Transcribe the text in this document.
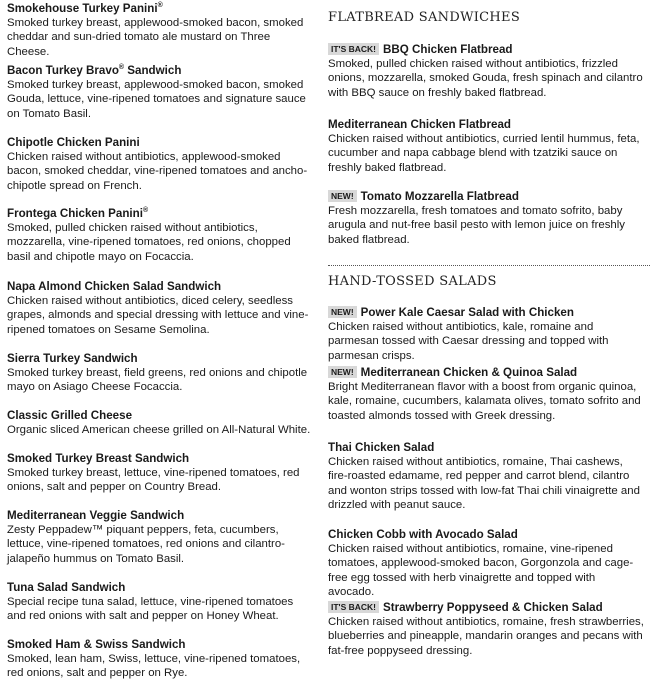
Smokehouse Turkey Panini®
Smoked turkey breast, applewood-smoked bacon, smoked cheddar and sun-dried tomato ale mustard on Three Cheese.
Bacon Turkey Bravo® Sandwich
Smoked turkey breast, applewood-smoked bacon, smoked Gouda, lettuce, vine-ripened tomatoes and signature sauce on Tomato Basil.
Chipotle Chicken Panini
Chicken raised without antibiotics, applewood-smoked bacon, smoked cheddar, vine-ripened tomatoes and ancho-chipotle spread on French.
Frontega Chicken Panini®
Smoked, pulled chicken raised without antibiotics, mozzarella, vine-ripened tomatoes, red onions, chopped basil and chipotle mayo on Focaccia.
Napa Almond Chicken Salad Sandwich
Chicken raised without antibiotics, diced celery, seedless grapes, almonds and special dressing with lettuce and vine-ripened tomatoes on Sesame Semolina.
Sierra Turkey Sandwich
Smoked turkey breast, field greens, red onions and chipotle mayo on Asiago Cheese Focaccia.
Classic Grilled Cheese
Organic sliced American cheese grilled on All-Natural White.
Smoked Turkey Breast Sandwich
Smoked turkey breast, lettuce, vine-ripened tomatoes, red onions, salt and pepper on Country Bread.
Mediterranean Veggie Sandwich
Zesty Peppadew™ piquant peppers, feta, cucumbers, lettuce, vine-ripened tomatoes, red onions and cilantro-jalapeño hummus on Tomato Basil.
Tuna Salad Sandwich
Special recipe tuna salad, lettuce, vine-ripened tomatoes and red onions with salt and pepper on Honey Wheat.
Smoked Ham & Swiss Sandwich
Smoked, lean ham, Swiss, lettuce, vine-ripened tomatoes, red onions, salt and pepper on Rye.
FLATBREAD SANDWICHES
IT'S BACK! BBQ Chicken Flatbread
Smoked, pulled chicken raised without antibiotics, frizzled onions, mozzarella, smoked Gouda, fresh spinach and cilantro with BBQ sauce on freshly baked flatbread.
Mediterranean Chicken Flatbread
Chicken raised without antibiotics, curried lentil hummus, feta, cucumber and napa cabbage blend with tzatziki sauce on freshly baked flatbread.
NEW! Tomato Mozzarella Flatbread
Fresh mozzarella, fresh tomatoes and tomato sofrito, baby arugula and nut-free basil pesto with lemon juice on freshly baked flatbread.
HAND-TOSSED SALADS
NEW! Power Kale Caesar Salad with Chicken
Chicken raised without antibiotics, kale, romaine and parmesan tossed with Caesar dressing and topped with parmesan crisps.
NEW! Mediterranean Chicken & Quinoa Salad
Bright Mediterranean flavor with a boost from organic quinoa, kale, romaine, cucumbers, kalamata olives, tomato sofrito and toasted almonds tossed with Greek dressing.
Thai Chicken Salad
Chicken raised without antibiotics, romaine, Thai cashews, fire-roasted edamame, red pepper and carrot blend, cilantro and wonton strips tossed with low-fat Thai chili vinaigrette and drizzled with peanut sauce.
Chicken Cobb with Avocado Salad
Chicken raised without antibiotics, romaine, vine-ripened tomatoes, applewood-smoked bacon, Gorgonzola and cage-free egg tossed with herb vinaigrette and topped with avocado.
IT'S BACK! Strawberry Poppyseed & Chicken Salad
Chicken raised without antibiotics, romaine, fresh strawberries, blueberries and pineapple, mandarin oranges and pecans with fat-free poppyseed dressing.
